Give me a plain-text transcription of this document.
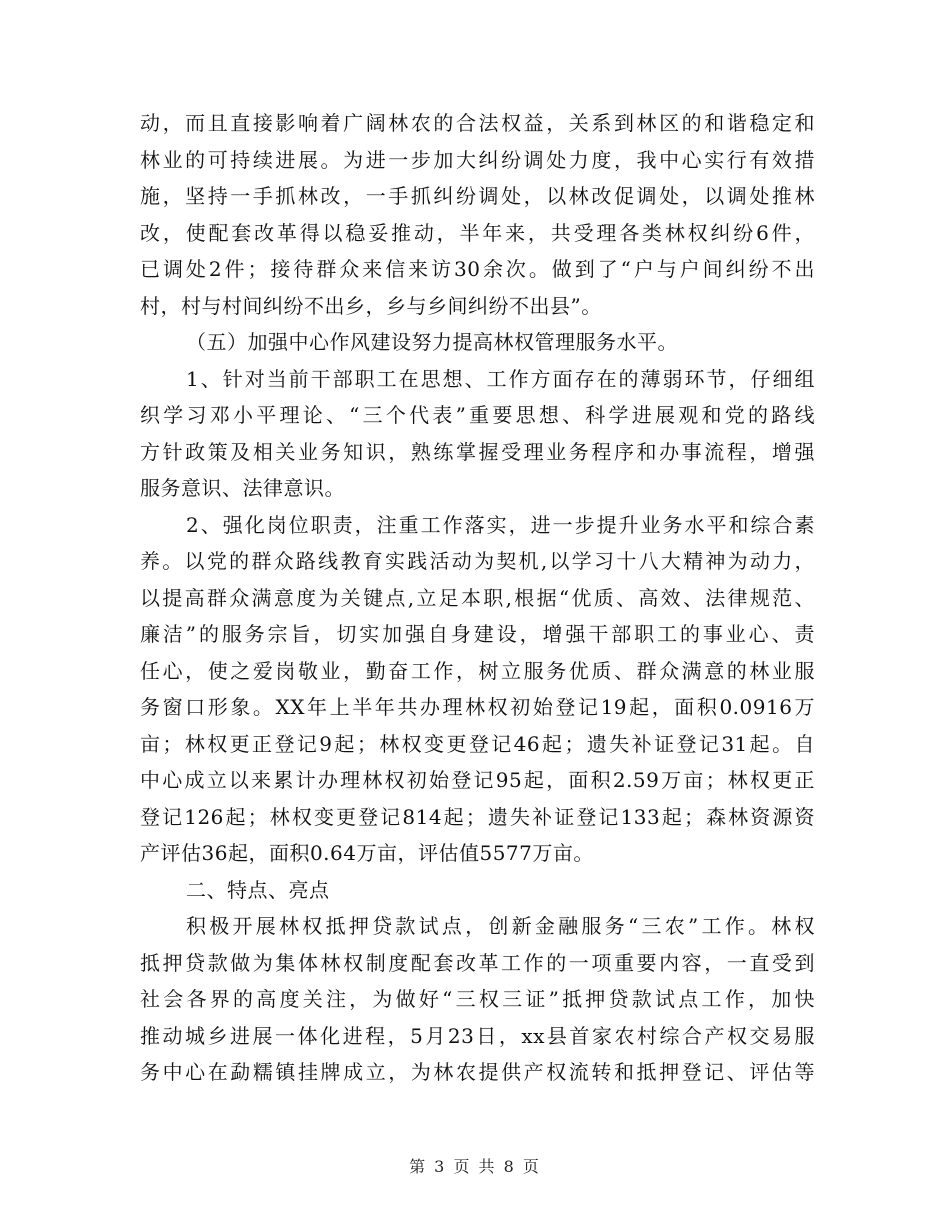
动，而且直接影响着广阔林农的合法权益，关系到林区的和谐稳定和
林业的可持续进展。为进一步加大纠纷调处力度，我中心实行有效措
施，坚持一手抓林改，一手抓纠纷调处，以林改促调处，以调处推林
改，使配套改革得以稳妥推动，半年来，共受理各类林权纠纷6件，
已调处2件；接待群众来信来访30余次。做到了“户与户间纠纷不出
村，村与村间纠纷不出乡，乡与乡间纠纷不出县”。
（五）加强中心作风建设努力提高林权管理服务水平。
1、针对当前干部职工在思想、工作方面存在的薄弱环节，仔细组
织学习邓小平理论、“三个代表”重要思想、科学进展观和党的路线
方针政策及相关业务知识，熟练掌握受理业务程序和办事流程，增强
服务意识、法律意识。
2、强化岗位职责，注重工作落实，进一步提升业务水平和综合素
养。以党的群众路线教育实践活动为契机,以学习十八大精神为动力，
以提高群众满意度为关键点,立足本职,根据“优质、高效、法律规范、
廉洁”的服务宗旨，切实加强自身建设，增强干部职工的事业心、责
任心，使之爱岗敬业，勤奋工作，树立服务优质、群众满意的林业服
务窗口形象。XX年上半年共办理林权初始登记19起，面积0.0916万
亩；林权更正登记9起；林权变更登记46起；遗失补证登记31起。自
中心成立以来累计办理林权初始登记95起，面积2.59万亩；林权更正
登记126起；林权变更登记814起；遗失补证登记133起；森林资源资
产评估36起，面积0.64万亩，评估值5577万亩。
二、特点、亮点
积极开展林权抵押贷款试点，创新金融服务“三农”工作。林权
抵押贷款做为集体林权制度配套改革工作的一项重要内容，一直受到
社会各界的高度关注，为做好“三权三证”抵押贷款试点工作，加快
推动城乡进展一体化进程，5月23日，xx县首家农村综合产权交易服
务中心在勐糯镇挂牌成立，为林农提供产权流转和抵押登记、评估等
第 3 页 共 8 页
